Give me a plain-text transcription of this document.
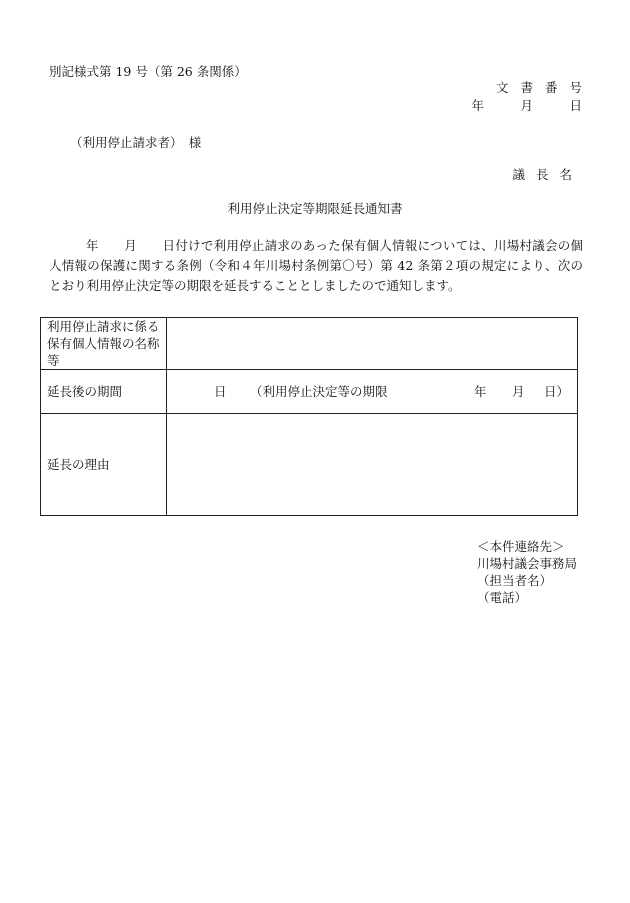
別記様式第 19 号（第 26 条関係）
文書番号
年　月　日
（利用停止請求者）　様
議長名
利用停止決定等期限延長通知書
年　　月　　日付けで利用停止請求のあった保有個人情報については、川場村議会の個人情報の保護に関する条例（令和４年川場村条例第〇号）第 42 条第２項の規定により、次のとおり利用停止決定等の期限を延長することとしましたので通知します。
利用停止請求に係る保有個人情報の名称等	
延長後の期間	日 （利用停止決定等の期限 年 月 日）

延長の理由	
＜本件連絡先＞
川場村議会事務局
（担当者名）
（電話）
